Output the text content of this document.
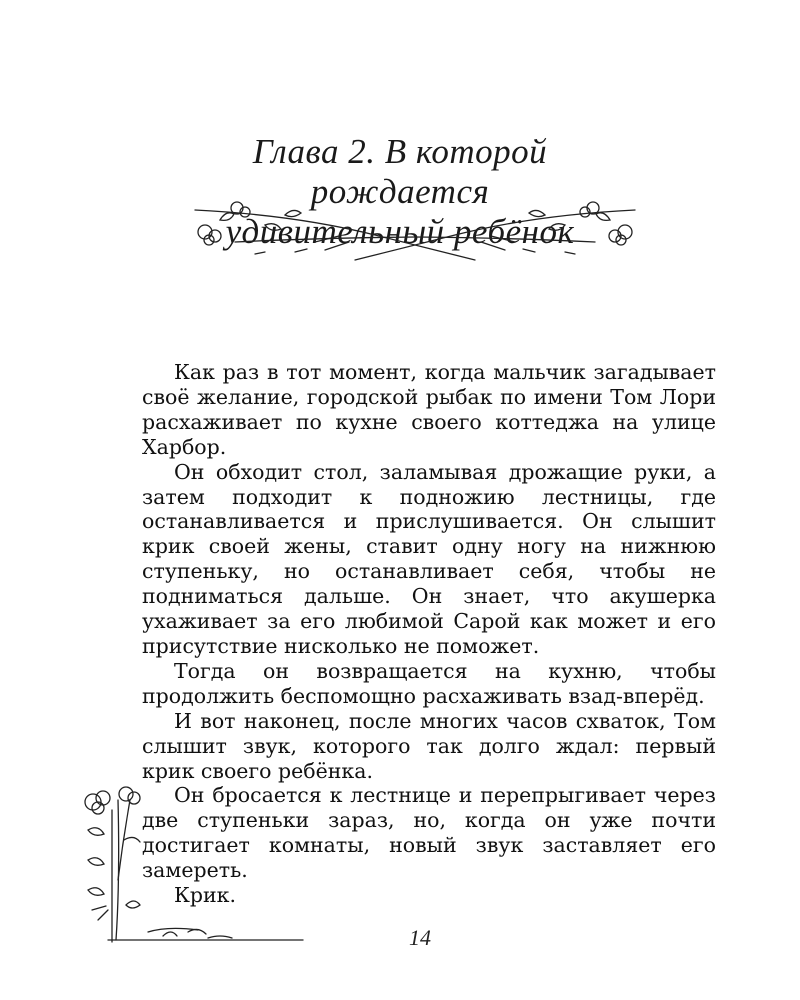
Глава 2. В которой рождается
удивительный ребёнок

Как раз в тот момент, когда мальчик загадывает своё желание, городской рыбак по имени Том Лори расхаживает по кухне своего коттеджа на улице Харбор.

Он обходит стол, заламывая дрожащие руки, а затем подходит к подножию лестницы, где останавливается и прислушивается. Он слышит крик своей жены, ставит одну ногу на нижнюю ступеньку, но останавливает себя, чтобы не подниматься дальше. Он знает, что акушерка ухаживает за его любимой Сарой как может и его присутствие нисколько не поможет.

Тогда он возвращается на кухню, чтобы продолжить беспомощно расхаживать взад-вперёд.

И вот наконец, после многих часов схваток, Том слышит звук, которого так долго ждал: первый крик своего ребёнка.

Он бросается к лестнице и перепрыгивает через две ступеньки зараз, но, когда он уже почти достигает комнаты, новый звук заставляет его замереть.

Крик.

14
